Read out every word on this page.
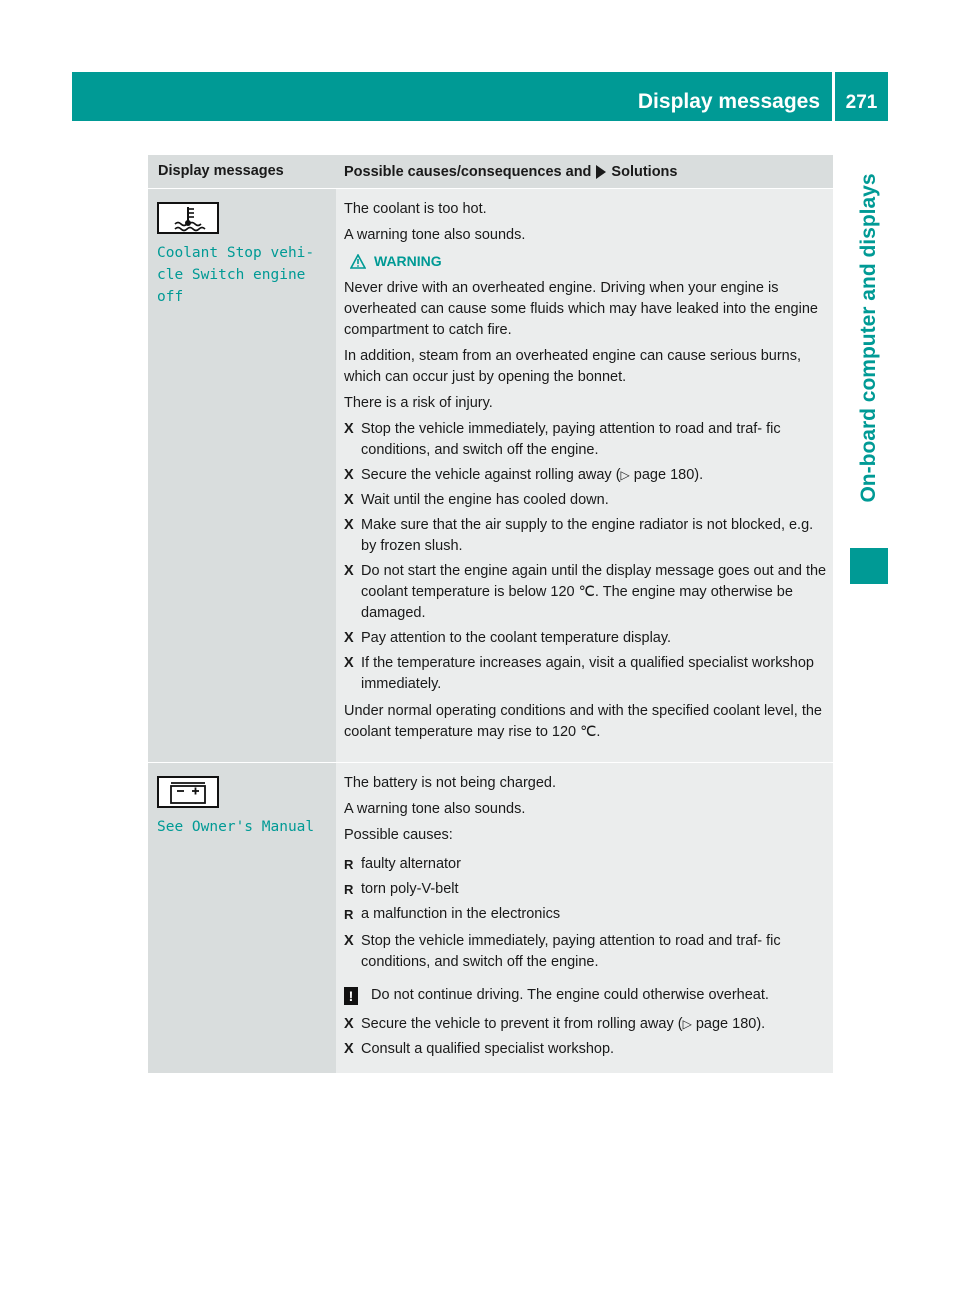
Display messages	271
On-board computer and displays
Display messages	Possible causes/consequences and Solutions
Coolant Stop vehi‐
cle Switch engine
off
The coolant is too hot.
A warning tone also sounds.
WARNING
Never drive with an overheated engine. Driving when your engine is overheated can cause some fluids which may have leaked into the engine compartment to catch fire.
In addition, steam from an overheated engine can cause serious burns, which can occur just by opening the bonnet.
There is a risk of injury.
X Stop the vehicle immediately, paying attention to road and traf- fic conditions, and switch off the engine.
X Secure the vehicle against rolling away (▷ page 180).
X Wait until the engine has cooled down.
X Make sure that the air supply to the engine radiator is not blocked, e.g. by frozen slush.
X Do not start the engine again until the display message goes out and the coolant temperature is below 120 ℃. The engine may otherwise be damaged.
X Pay attention to the coolant temperature display.
X If the temperature increases again, visit a qualified specialist workshop immediately.
Under normal operating conditions and with the specified coolant level, the coolant temperature may rise to 120 ℃.
See Owner's Manual
The battery is not being charged.
A warning tone also sounds.
Possible causes:
R faulty alternator
R torn poly-V-belt
R a malfunction in the electronics
X Stop the vehicle immediately, paying attention to road and traf- fic conditions, and switch off the engine.
!	Do not continue driving. The engine could otherwise overheat.
X Secure the vehicle to prevent it from rolling away (▷ page 180).
X Consult a qualified specialist workshop.
